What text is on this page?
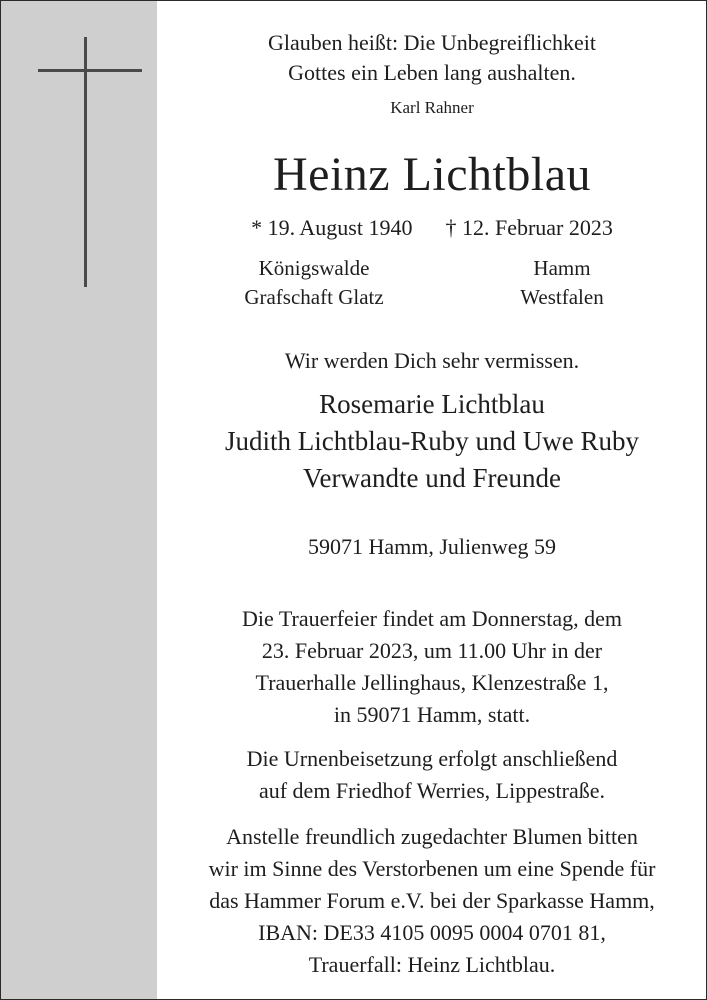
Glauben heißt: Die Unbegreiflichkeit
Gottes ein Leben lang aushalten.
Karl Rahner
Heinz Lichtblau
* 19. August 1940 † 12. Februar 2023
Königswalde
Grafschaft Glatz
Hamm
Westfalen
Wir werden Dich sehr vermissen.
Rosemarie Lichtblau
Judith Lichtblau-Ruby und Uwe Ruby
Verwandte und Freunde
59071 Hamm, Julienweg 59
Die Trauerfeier findet am Donnerstag, dem
23. Februar 2023, um 11.00 Uhr in der
Trauerhalle Jellinghaus, Klenzestraße 1,
in 59071 Hamm, statt.
Die Urnenbeisetzung erfolgt anschließend
auf dem Friedhof Werries, Lippestraße.
Anstelle freundlich zugedachter Blumen bitten
wir im Sinne des Verstorbenen um eine Spende für
das Hammer Forum e.V. bei der Sparkasse Hamm,
IBAN: DE33 4105 0095 0004 0701 81,
Trauerfall: Heinz Lichtblau.
